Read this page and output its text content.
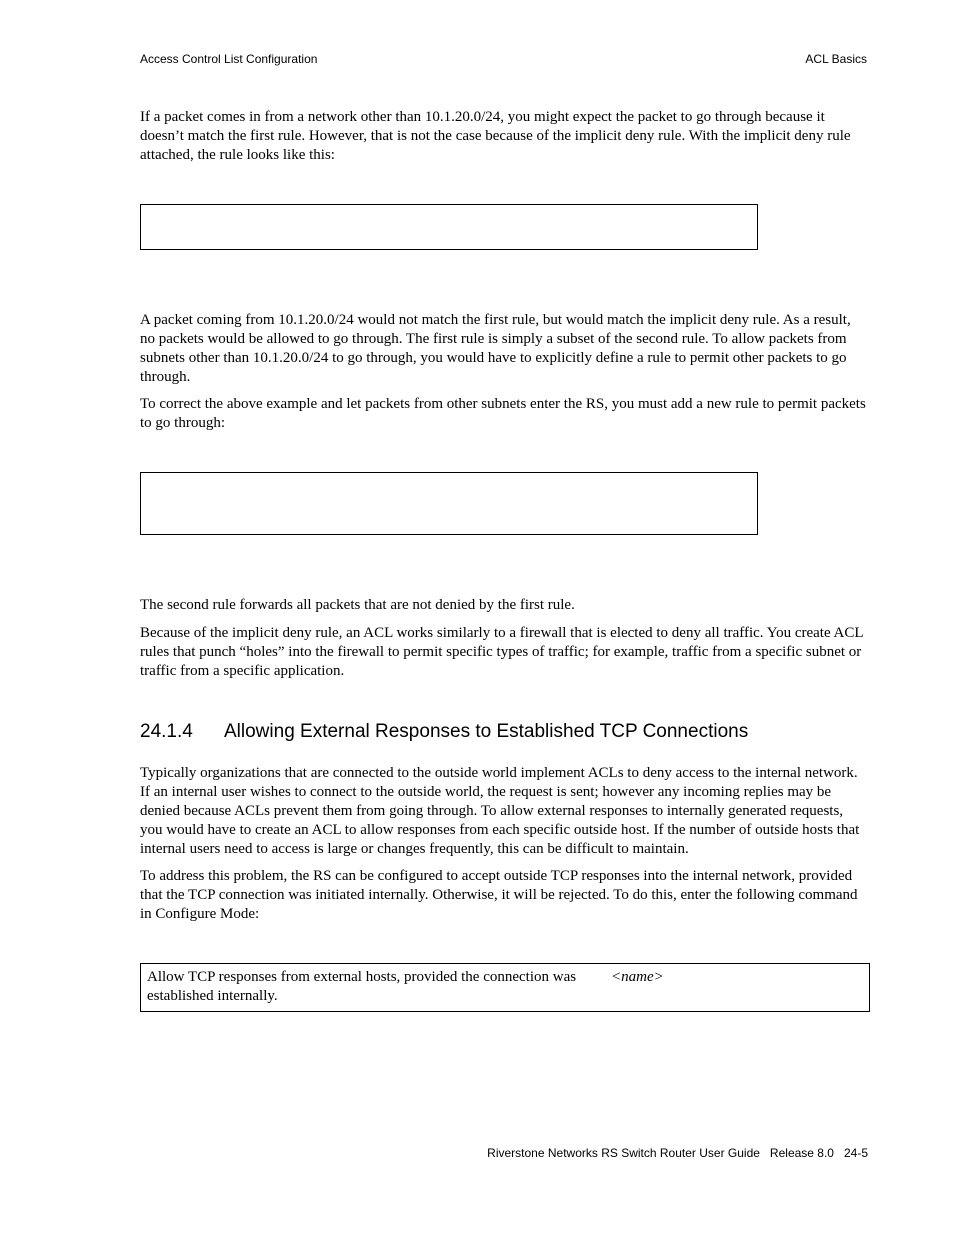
Access Control List Configuration	ACL Basics

If a packet comes in from a network other than 10.1.20.0/24, you might expect the packet to go through because it doesn’t match the first rule. However, that is not the case because of the implicit deny rule. With the implicit deny rule attached, the rule looks like this:

A packet coming from 10.1.20.0/24 would not match the first rule, but would match the implicit deny rule. As a result, no packets would be allowed to go through. The first rule is simply a subset of the second rule. To allow packets from subnets other than 10.1.20.0/24 to go through, you would have to explicitly define a rule to permit other packets to go through.

To correct the above example and let packets from other subnets enter the RS, you must add a new rule to permit packets to go through:

The second rule forwards all packets that are not denied by the first rule.

Because of the implicit deny rule, an ACL works similarly to a firewall that is elected to deny all traffic. You create ACL rules that punch “holes” into the firewall to permit specific types of traffic; for example, traffic from a specific subnet or traffic from a specific application.

24.1.4 Allowing External Responses to Established TCP Connections

Typically organizations that are connected to the outside world implement ACLs to deny access to the internal network. If an internal user wishes to connect to the outside world, the request is sent; however any incoming replies may be denied because ACLs prevent them from going through. To allow external responses to internally generated requests, you would have to create an ACL to allow responses from each specific outside host. If the number of outside hosts that internal users need to access is large or changes frequently, this can be difficult to maintain.

To address this problem, the RS can be configured to accept outside TCP responses into the internal network, provided that the TCP connection was initiated internally. Otherwise, it will be rejected. To do this, enter the following command in Configure Mode:

Allow TCP responses from external hosts, provided the connection was established internally.
<name>
Riverstone Networks RS Switch Router User Guide   Release 8.0   24-5
